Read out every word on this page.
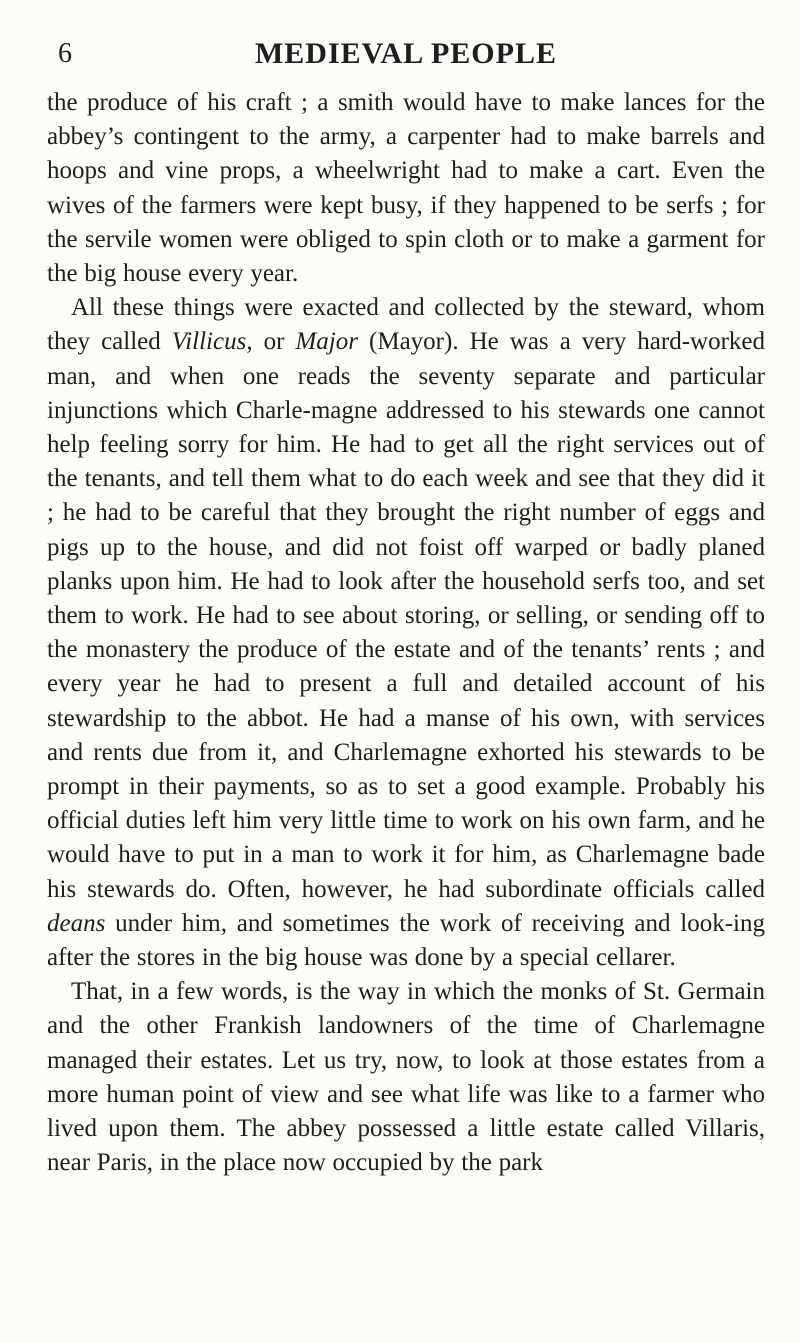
6	MEDIEVAL PEOPLE

the produce of his craft ; a smith would have to make lances for the abbey’s contingent to the army, a carpenter had to make barrels and hoops and vine props, a wheelwright had to make a cart. Even the wives of the farmers were kept busy, if they happened to be serfs ; for the servile women were obliged to spin cloth or to make a garment for the big house every year.

All these things were exacted and collected by the steward, whom they called Villicus, or Major (Mayor). He was a very hard-worked man, and when one reads the seventy separate and particular injunctions which Charle-magne addressed to his stewards one cannot help feeling sorry for him. He had to get all the right services out of the tenants, and tell them what to do each week and see that they did it ; he had to be careful that they brought the right number of eggs and pigs up to the house, and did not foist off warped or badly planed planks upon him. He had to look after the household serfs too, and set them to work. He had to see about storing, or selling, or sending off to the monastery the produce of the estate and of the tenants’ rents ; and every year he had to present a full and detailed account of his stewardship to the abbot. He had a manse of his own, with services and rents due from it, and Charlemagne exhorted his stewards to be prompt in their payments, so as to set a good example. Probably his official duties left him very little time to work on his own farm, and he would have to put in a man to work it for him, as Charlemagne bade his stewards do. Often, however, he had subordinate officials called deans under him, and sometimes the work of receiving and look-ing after the stores in the big house was done by a special cellarer.

That, in a few words, is the way in which the monks of St. Germain and the other Frankish landowners of the time of Charlemagne managed their estates. Let us try, now, to look at those estates from a more human point of view and see what life was like to a farmer who lived upon them. The abbey possessed a little estate called Villaris, near Paris, in the place now occupied by the park
